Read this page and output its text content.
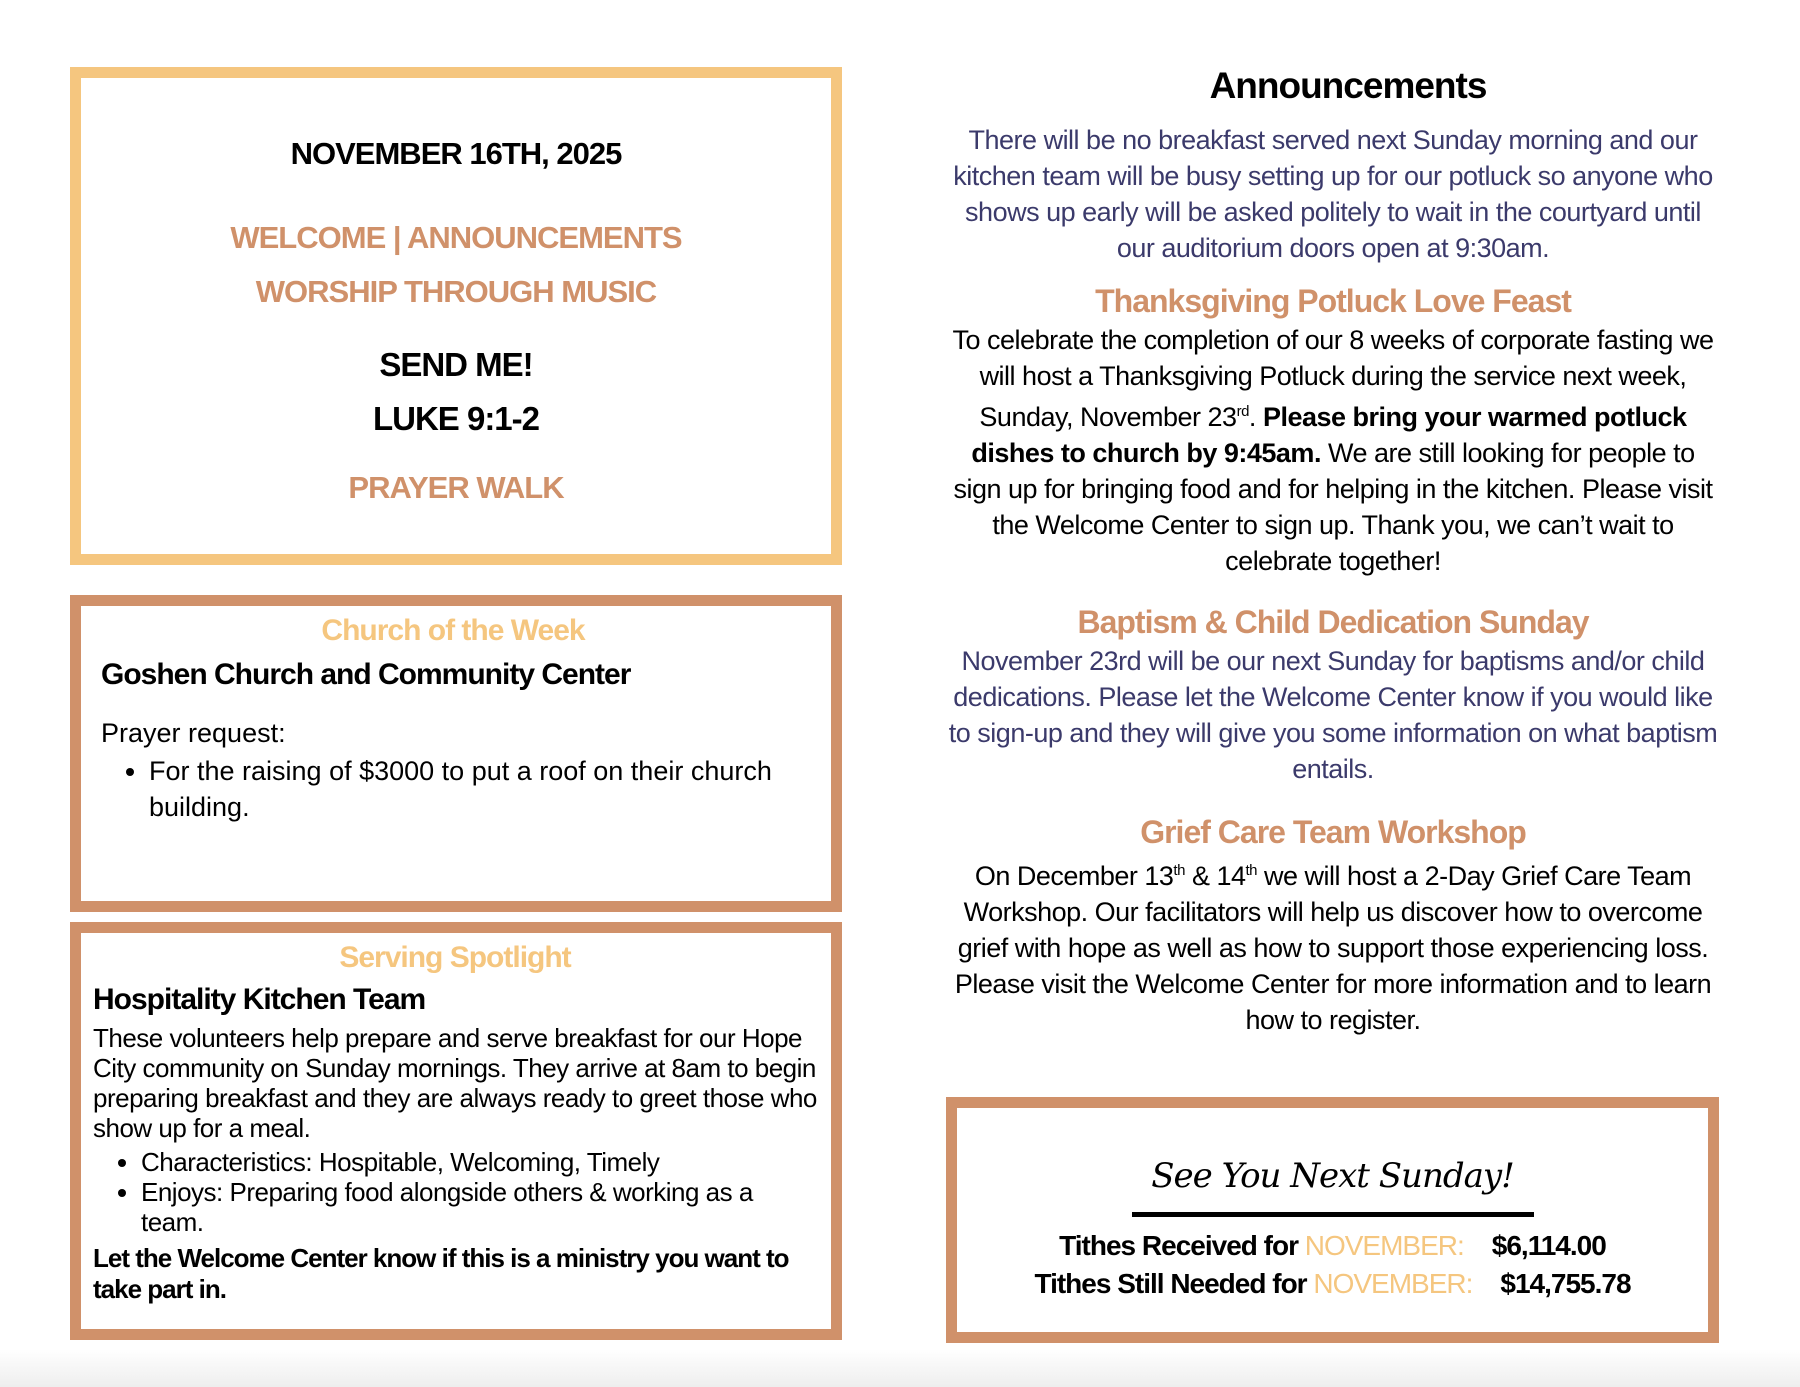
NOVEMBER 16TH, 2025

WELCOME | ANNOUNCEMENTS

WORSHIP THROUGH MUSIC

SEND ME!

LUKE 9:1-2

PRAYER WALK

Church of the Week

Goshen Church and Community Center

Prayer request:

• For the raising of $3000 to put a roof on their church building.

Serving Spotlight

Hospitality Kitchen Team

These volunteers help prepare and serve breakfast for our Hope City community on Sunday mornings. They arrive at 8am to begin preparing breakfast and they are always ready to greet those who show up for a meal.

• Characteristics: Hospitable, Welcoming, Timely
• Enjoys: Preparing food alongside others & working as a team.

Let the Welcome Center know if this is a ministry you want to take part in.

Announcements

There will be no breakfast served next Sunday morning and our kitchen team will be busy setting up for our potluck so anyone who shows up early will be asked politely to wait in the courtyard until our auditorium doors open at 9:30am.

Thanksgiving Potluck Love Feast

To celebrate the completion of our 8 weeks of corporate fasting we will host a Thanksgiving Potluck during the service next week, Sunday, November 23rd. Please bring your warmed potluck dishes to church by 9:45am. We are still looking for people to sign up for bringing food and for helping in the kitchen. Please visit the Welcome Center to sign up. Thank you, we can’t wait to celebrate together!

Baptism & Child Dedication Sunday

November 23rd will be our next Sunday for baptisms and/or child dedications. Please let the Welcome Center know if you would like to sign-up and they will give you some information on what baptism entails.

Grief Care Team Workshop

On December 13th & 14th we will host a 2-Day Grief Care Team Workshop. Our facilitators will help us discover how to overcome grief with hope as well as how to support those experiencing loss. Please visit the Welcome Center for more information and to learn how to register.

See You Next Sunday!

Tithes Received for NOVEMBER: $6,114.00

Tithes Still Needed for NOVEMBER: $14,755.78
